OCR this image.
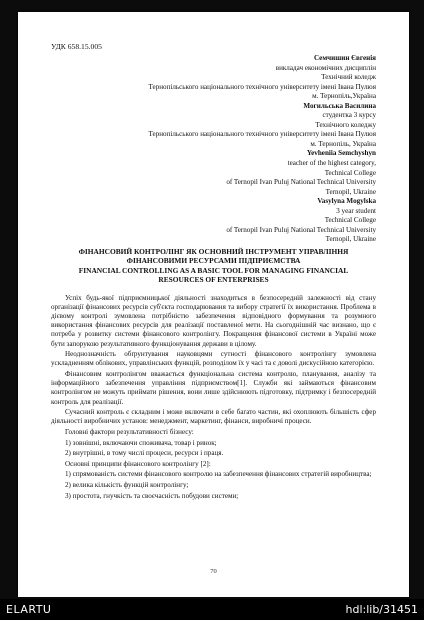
УДК 658.15.005
Семчишин Євгенія
викладач економічних дисциплін
Технічний коледж
Тернопільського національного технічного університету імені Івана Пулюя
м. Тернопіль,Україна
Могильська Василина
студентка 3 курсу
Технічного коледжу
Тернопільського національного технічного університету імені Івана Пулюя
м. Тернопіль, Україна
Yevheniia Semchyshyn
teacher of the highest category,
Technical College
of Ternopil Ivan Puluj National Technical University
Ternopil, Ukraine
Vasylyna Mogylska
3 year student
Technical College
of Ternopil Ivan Puluj National Technical University
Ternopil, Ukraine
ФІНАНСОВИЙ КОНТРОЛІНГ ЯК ОСНОВНИЙ ІНСТРУМЕНТ УПРАВЛІННЯ
ФІНАНСОВИМИ РЕСУРСАМИ ПІДПРИЄМСТВА
FINANCIAL CONTROLLING AS A BASIC TOOL FOR MANAGING FINANCIAL
RESOURCES OF ENTERPRISES

Успіх будь-якої підприємницької діяльності знаходиться в безпосередній залежності від стану організації фінансових ресурсів суб'єкта господарювання та вибору стратегії їх використання. Проблема в дієвому контролі зумовлена потрібністю забезпечення відповідного формування та розумного використання фінансових ресурсів для реалізації поставленої мети. На сьогоднішній час визнано, що є потреба у розвитку системи фінансового контролінгу. Покращення фінансової системи в Україні може бути запорукою результативного функціонування держави в цілому.

Неоднозначність обґрунтування науковцями сутності фінансового контролінгу зумовлена ускладненням облікових, управлінських функцій, розподілом їх у часі та є доволі дискусійною категорією.

Фінансовим контролінгом вважається функціональна система контролю, планування, аналізу та інформаційного забезпечення управління підприємством[1]. Служби які займаються фінансовим контролінгом не можуть приймати рішення, вони лише здійснюють підготовку, підтримку і безпосередній контроль для реалізації.

Сучасний контроль є складним і може включати в себе багато частин, які охоплюють більшість сфер діяльності виробничих установ: менеджмент, маркетинг, фінанси, виробничі процеси.

Головні фактори результативності бізнесу:

1) зовнішні, включаючи споживача, товар і ринок;

2) внутрішні, в тому числі процеси, ресурси і праця.

Основні принципи фінансового контролінгу [2]:

1) спрямованість системи фінансового контролю на забезпечення фінансових стратегій виробництва;

2) велика кількість функцій контролінгу;

3) простота, гнучкість та своєчасність побудови системи;

70
ELARTU	hdl:lib/31451
